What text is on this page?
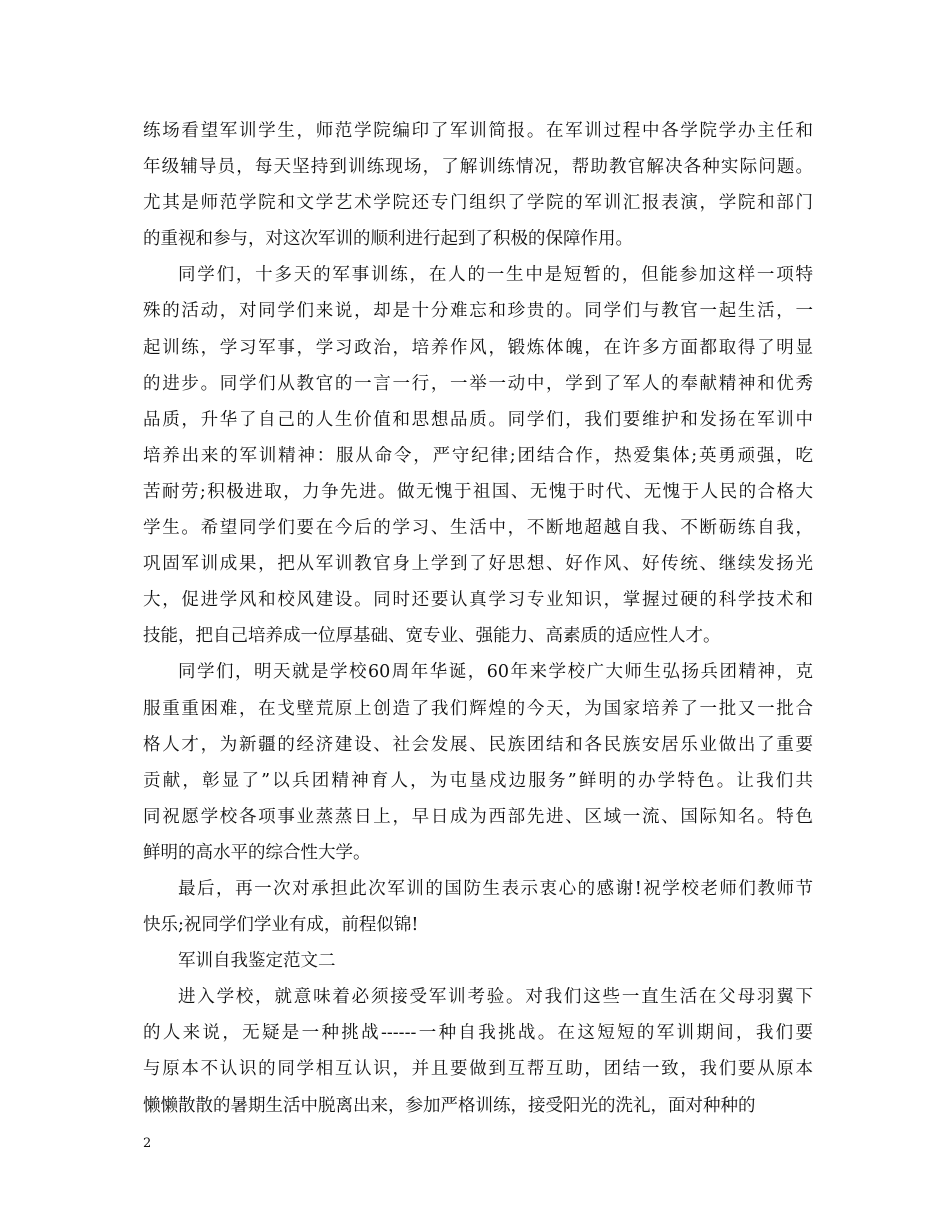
练场看望军训学生，师范学院编印了军训简报。在军训过程中各学院学办主任和
年级辅导员，每天坚持到训练现场，了解训练情况，帮助教官解决各种实际问题。
尤其是师范学院和文学艺术学院还专门组织了学院的军训汇报表演，学院和部门
的重视和参与，对这次军训的顺利进行起到了积极的保障作用。
同学们，十多天的军事训练，在人的一生中是短暂的，但能参加这样一项特
殊的活动，对同学们来说，却是十分难忘和珍贵的。同学们与教官一起生活，一
起训练，学习军事，学习政治，培养作风，锻炼体魄，在许多方面都取得了明显
的进步。同学们从教官的一言一行，一举一动中，学到了军人的奉献精神和优秀
品质，升华了自己的人生价值和思想品质。同学们，我们要维护和发扬在军训中
培养出来的军训精神：服从命令，严守纪律;团结合作，热爱集体;英勇顽强，吃
苦耐劳;积极进取，力争先进。做无愧于祖国、无愧于时代、无愧于人民的合格大
学生。希望同学们要在今后的学习、生活中，不断地超越自我、不断砺练自我，
巩固军训成果，把从军训教官身上学到了好思想、好作风、好传统、继续发扬光
大，促进学风和校风建设。同时还要认真学习专业知识，掌握过硬的科学技术和
技能，把自己培养成一位厚基础、宽专业、强能力、高素质的适应性人才。
同学们，明天就是学校60周年华诞，60年来学校广大师生弘扬兵团精神，克
服重重困难，在戈壁荒原上创造了我们辉煌的今天，为国家培养了一批又一批合
格人才，为新疆的经济建设、社会发展、民族团结和各民族安居乐业做出了重要
贡献，彰显了”以兵团精神育人，为屯垦戍边服务”鲜明的办学特色。让我们共
同祝愿学校各项事业蒸蒸日上，早日成为西部先进、区域一流、国际知名。特色
鲜明的高水平的综合性大学。
最后，再一次对承担此次军训的国防生表示衷心的感谢!祝学校老师们教师节
快乐;祝同学们学业有成，前程似锦!
军训自我鉴定范文二
进入学校，就意味着必须接受军训考验。对我们这些一直生活在父母羽翼下
的人来说，无疑是一种挑战------一种自我挑战。在这短短的军训期间，我们要
与原本不认识的同学相互认识，并且要做到互帮互助，团结一致，我们要从原本
懒懒散散的暑期生活中脱离出来，参加严格训练，接受阳光的洗礼，面对种种的
2
